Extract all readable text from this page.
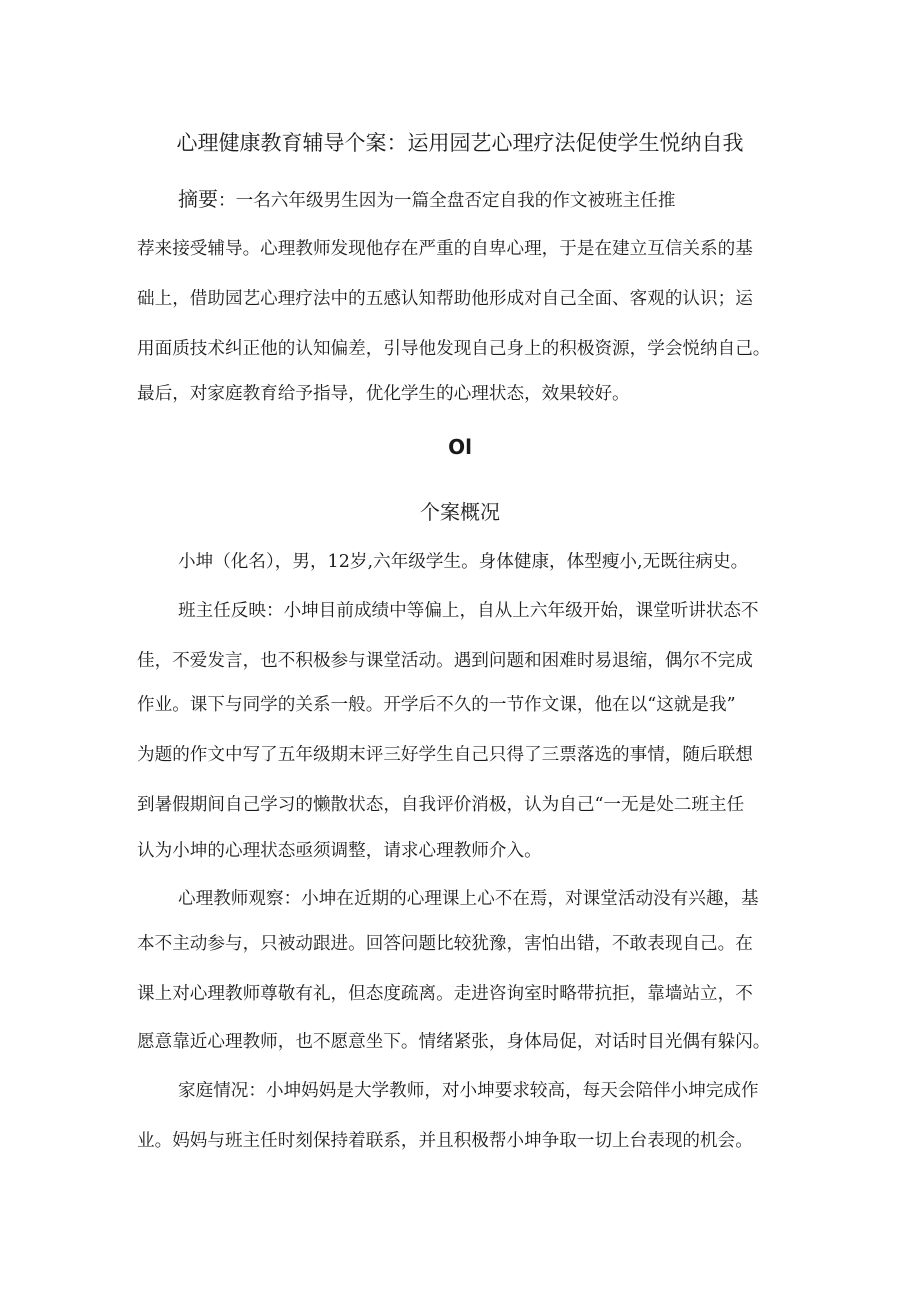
心理健康教育辅导个案：运用园艺心理疗法促使学生悦纳自我
摘要：一名六年级男生因为一篇全盘否定自我的作文被班主任推
荐来接受辅导。心理教师发现他存在严重的自卑心理，于是在建立互信关系的基
础上，借助园艺心理疗法中的五感认知帮助他形成对自己全面、客观的认识；运
用面质技术纠正他的认知偏差，引导他发现自己身上的积极资源，学会悦纳自己。
最后，对家庭教育给予指导，优化学生的心理状态，效果较好。
Ol
个案概况
小坤（化名），男，12岁,六年级学生。身体健康，体型瘦小,无既往病史。
班主任反映：小坤目前成绩中等偏上，自从上六年级开始，课堂听讲状态不
佳，不爱发言，也不积极参与课堂活动。遇到问题和困难时易退缩，偶尔不完成
作业。课下与同学的关系一般。开学后不久的一节作文课，他在以“这就是我”
为题的作文中写了五年级期末评三好学生自己只得了三票落选的事情，随后联想
到暑假期间自己学习的懒散状态，自我评价消极，认为自己“一无是处二班主任
认为小坤的心理状态亟须调整，请求心理教师介入。
心理教师观察：小坤在近期的心理课上心不在焉，对课堂活动没有兴趣，基
本不主动参与，只被动跟进。回答问题比较犹豫，害怕出错，不敢表现自己。在
课上对心理教师尊敬有礼，但态度疏离。走进咨询室时略带抗拒，靠墙站立，不
愿意靠近心理教师，也不愿意坐下。情绪紧张，身体局促，对话时目光偶有躲闪。
家庭情况：小坤妈妈是大学教师，对小坤要求较高，每天会陪伴小坤完成作
业。妈妈与班主任时刻保持着联系，并且积极帮小坤争取一切上台表现的机会。
